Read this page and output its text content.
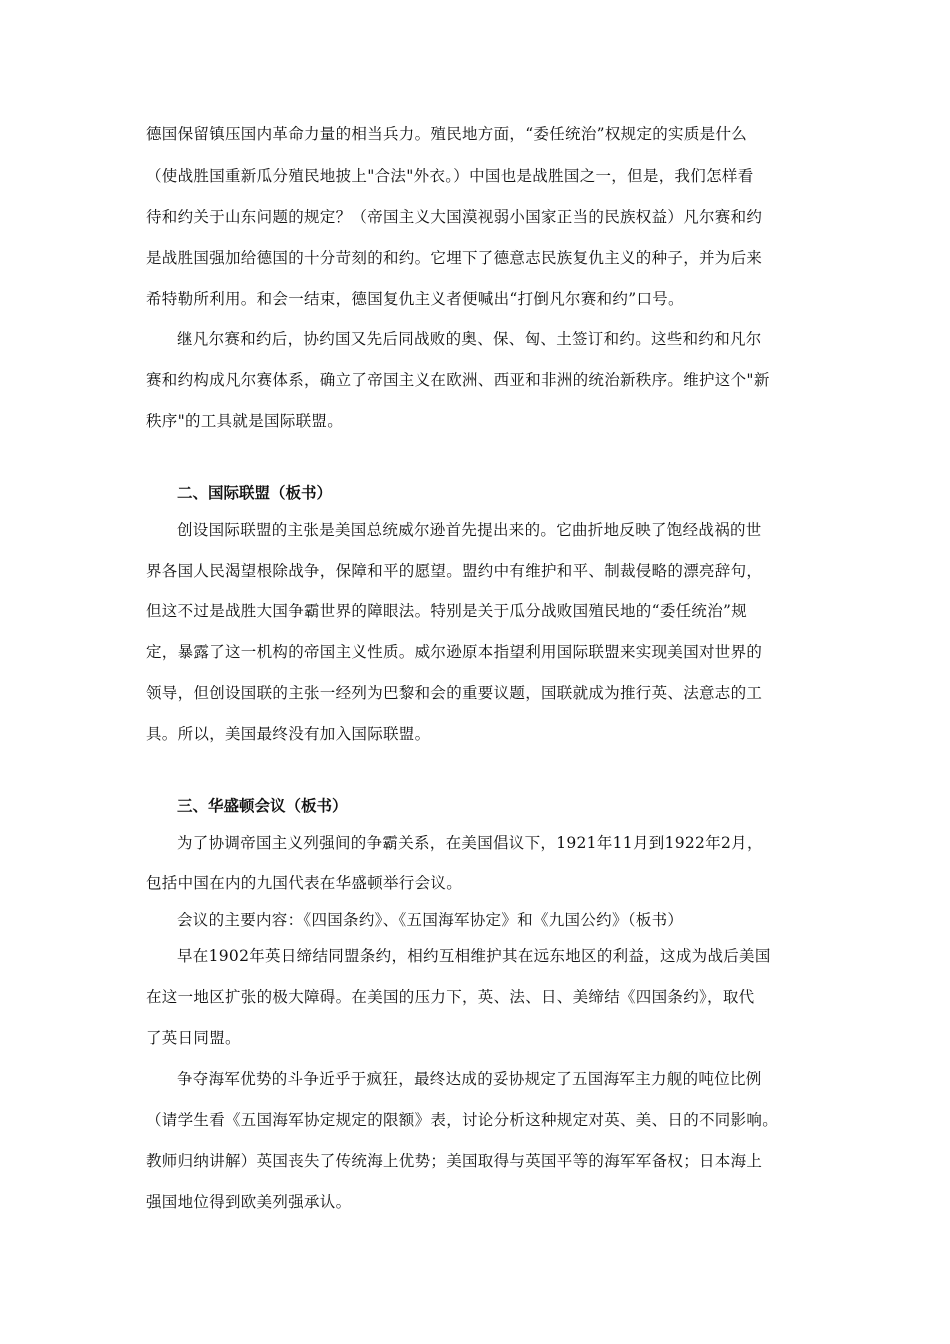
德国保留镇压国内革命力量的相当兵力。殖民地方面，“委任统治”权规定的实质是什么
（使战胜国重新瓜分殖民地披上"合法"外衣。）中国也是战胜国之一，但是，我们怎样看
待和约关于山东问题的规定？（帝国主义大国漠视弱小国家正当的民族权益）凡尔赛和约
是战胜国强加给德国的十分苛刻的和约。它埋下了德意志民族复仇主义的种子，并为后来
希特勒所利用。和会一结束，德国复仇主义者便喊出“打倒凡尔赛和约”口号。
继凡尔赛和约后，协约国又先后同战败的奥、保、匈、土签订和约。这些和约和凡尔
赛和约构成凡尔赛体系，确立了帝国主义在欧洲、西亚和非洲的统治新秩序。维护这个"新
秩序"的工具就是国际联盟。
二、国际联盟（板书）
创设国际联盟的主张是美国总统威尔逊首先提出来的。它曲折地反映了饱经战祸的世
界各国人民渴望根除战争，保障和平的愿望。盟约中有维护和平、制裁侵略的漂亮辞句，
但这不过是战胜大国争霸世界的障眼法。特别是关于瓜分战败国殖民地的“委任统治”规
定，暴露了这一机构的帝国主义性质。威尔逊原本指望利用国际联盟来实现美国对世界的
领导，但创设国联的主张一经列为巴黎和会的重要议题，国联就成为推行英、法意志的工
具。所以，美国最终没有加入国际联盟。
三、华盛顿会议（板书）
为了协调帝国主义列强间的争霸关系，在美国倡议下，1921年11月到1922年2月，
包括中国在内的九国代表在华盛顿举行会议。
会议的主要内容：《四国条约》、《五国海军协定》和《九国公约》（板书）
早在1902年英日缔结同盟条约，相约互相维护其在远东地区的利益，这成为战后美国
在这一地区扩张的极大障碍。在美国的压力下，英、法、日、美缔结《四国条约》，取代
了英日同盟。
争夺海军优势的斗争近乎于疯狂，最终达成的妥协规定了五国海军主力舰的吨位比例
（请学生看《五国海军协定规定的限额》表，讨论分析这种规定对英、美、日的不同影响。
教师归纳讲解）英国丧失了传统海上优势；美国取得与英国平等的海军军备权；日本海上
强国地位得到欧美列强承认。
